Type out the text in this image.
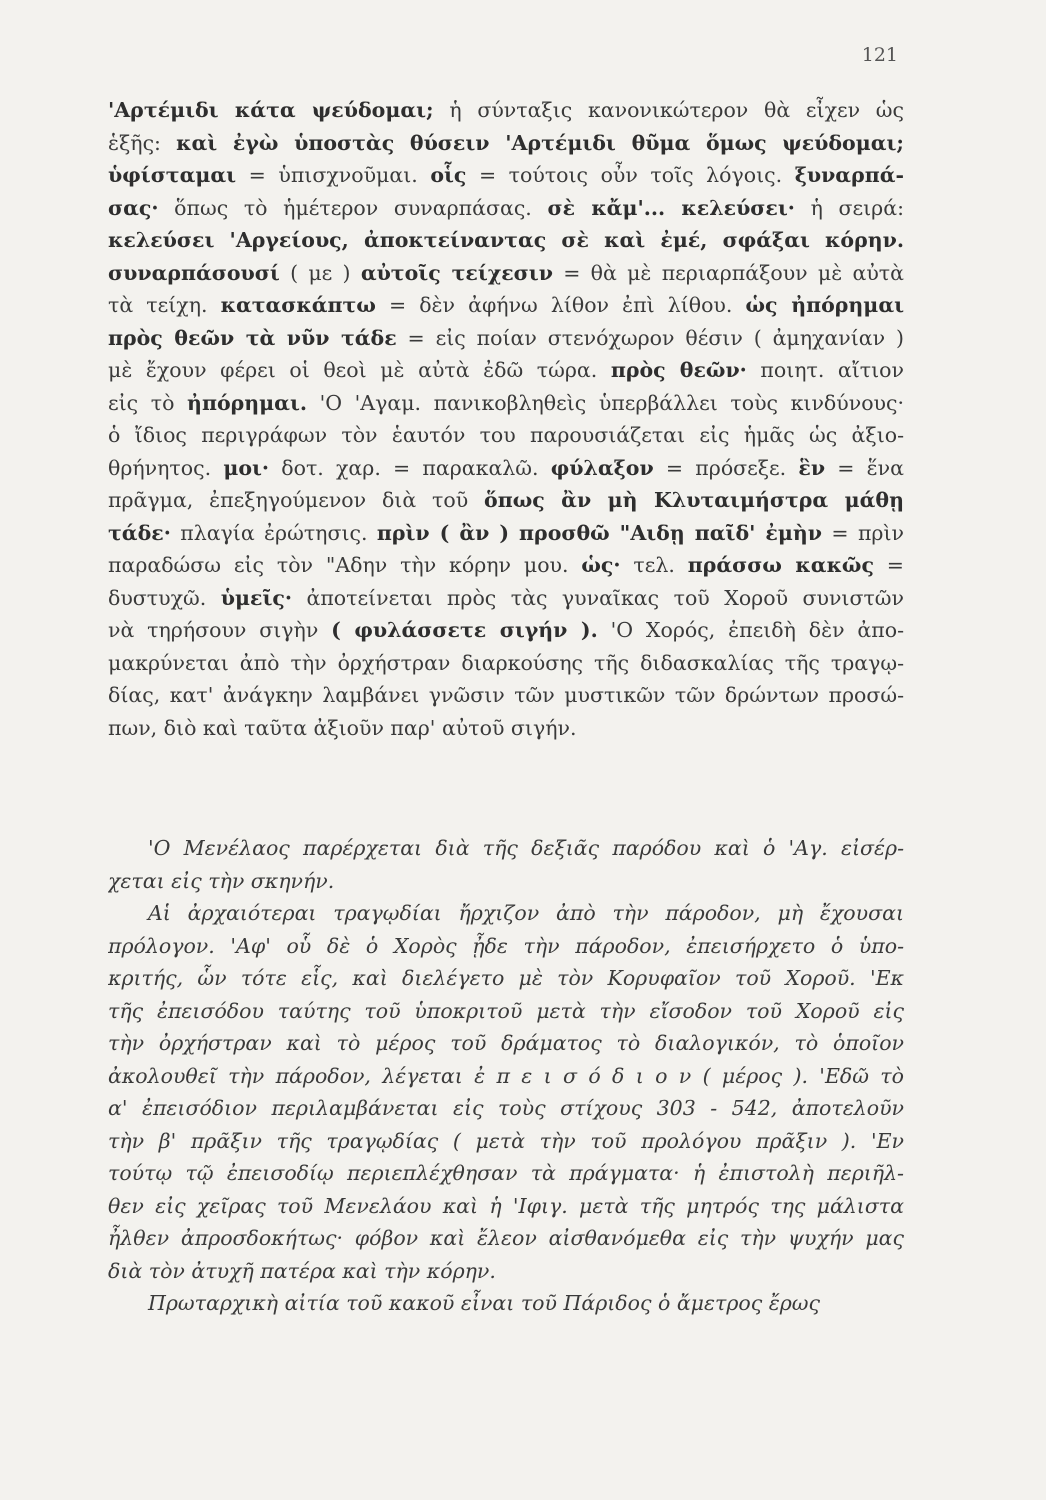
121
'Αρτέμιδι κάτα ψεύδομαι; ἡ σύνταξις κανονικώτερον θὰ εἶχεν ὡς
ἑξῆς: καὶ ἐγὼ ὑποστὰς θύσειν 'Αρτέμιδι θῦμα ὅμως ψεύδομαι;
ὑφίσταμαι = ὑπισχνοῦμαι. οἷς = τούτοις οὖν τοῖς λόγοις. ξυναρπά-
σας· ὅπως τὸ ἡμέτερον συναρπάσας. σὲ κἄμ'... κελεύσει· ἡ σειρά:
κελεύσει 'Αργείους, ἀποκτείναντας σὲ καὶ ἐμέ, σφάξαι κόρην.
συναρπάσουσί ( με ) αὐτοῖς τείχεσιν = θὰ μὲ περιαρπάξουν μὲ αὐτὰ
τὰ τείχη. κατασκάπτω = δὲν ἀφήνω λίθον ἐπὶ λίθου. ὡς ἠπόρημαι
πρὸς θεῶν τὰ νῦν τάδε = εἰς ποίαν στενόχωρον θέσιν ( ἀμηχανίαν )
μὲ ἔχουν φέρει οἱ θεοὶ μὲ αὐτὰ ἐδῶ τώρα. πρὸς θεῶν· ποιητ. αἴτιον
εἰς τὸ ἠπόρημαι. 'Ο 'Αγαμ. πανικοβληθεὶς ὑπερβάλλει τοὺς κινδύνους·
ὁ ἴδιος περιγράφων τὸν ἑαυτόν του παρουσιάζεται εἰς ἡμᾶς ὡς ἀξιο-
θρήνητος. μοι· δοτ. χαρ. = παρακαλῶ. φύλαξον = πρόσεξε. ἓν = ἕνα
πρᾶγμα, ἐπεξηγούμενον διὰ τοῦ ὅπως ἂν μὴ Κλυταιμήστρα μάθῃ
τάδε· πλαγία ἐρώτησις. πρὶν ( ἂν ) προσθῶ "Αιδῃ παῖδ' ἐμὴν = πρὶν
παραδώσω εἰς τὸν "Αδην τὴν κόρην μου. ὡς· τελ. πράσσω κακῶς =
δυστυχῶ. ὑμεῖς· ἀποτείνεται πρὸς τὰς γυναῖκας τοῦ Χοροῦ συνιστῶν
νὰ τηρήσουν σιγὴν ( φυλάσσετε σιγήν ). 'Ο Χορός, ἐπειδὴ δὲν ἀπο-
μακρύνεται ἀπὸ τὴν ὀρχήστραν διαρκούσης τῆς διδασκαλίας τῆς τραγῳ-
δίας, κατ' ἀνάγκην λαμβάνει γνῶσιν τῶν μυστικῶν τῶν δρώντων προσώ-
πων, διὸ καὶ ταῦτα ἀξιοῦν παρ' αὐτοῦ σιγήν.
'Ο Μενέλαος παρέρχεται διὰ τῆς δεξιᾶς παρόδου καὶ ὁ 'Αγ. εἰσέρ-
χεται εἰς τὴν σκηνήν.
Αἱ ἀρχαιότεραι τραγῳδίαι ἤρχιζον ἀπὸ τὴν πάροδον, μὴ ἔχουσαι
πρόλογον. 'Αφ' οὗ δὲ ὁ Χορὸς ᾖδε τὴν πάροδον, ἐπεισήρχετο ὁ ὑπο-
κριτής, ὧν τότε εἷς, καὶ διελέγετο μὲ τὸν Κορυφαῖον τοῦ Χοροῦ. 'Εκ
τῆς ἐπεισόδου ταύτης τοῦ ὑποκριτοῦ μετὰ τὴν εἴσοδον τοῦ Χοροῦ εἰς
τὴν ὀρχήστραν καὶ τὸ μέρος τοῦ δράματος τὸ διαλογικόν, τὸ ὁποῖον
ἀκολουθεῖ τὴν πάροδον, λέγεται ἐ π ε ι σ ό δ ι ο ν ( μέρος ). 'Εδῶ τὸ
α' ἐπεισόδιον περιλαμβάνεται εἰς τοὺς στίχους 303 - 542, ἀποτελοῦν
τὴν β' πρᾶξιν τῆς τραγῳδίας ( μετὰ τὴν τοῦ προλόγου πρᾶξιν ). 'Εν
τούτῳ τῷ ἐπεισοδίῳ περιεπλέχθησαν τὰ πράγματα· ἡ ἐπιστολὴ περιῆλ-
θεν εἰς χεῖρας τοῦ Μενελάου καὶ ἡ 'Ιφιγ. μετὰ τῆς μητρός της μάλιστα
ἦλθεν ἀπροσδοκήτως· φόβον καὶ ἔλεον αἰσθανόμεθα εἰς τὴν ψυχήν μας
διὰ τὸν ἀτυχῆ πατέρα καὶ τὴν κόρην.
Πρωταρχικὴ αἰτία τοῦ κακοῦ εἶναι τοῦ Πάριδος ὁ ἄμετρος ἔρως
